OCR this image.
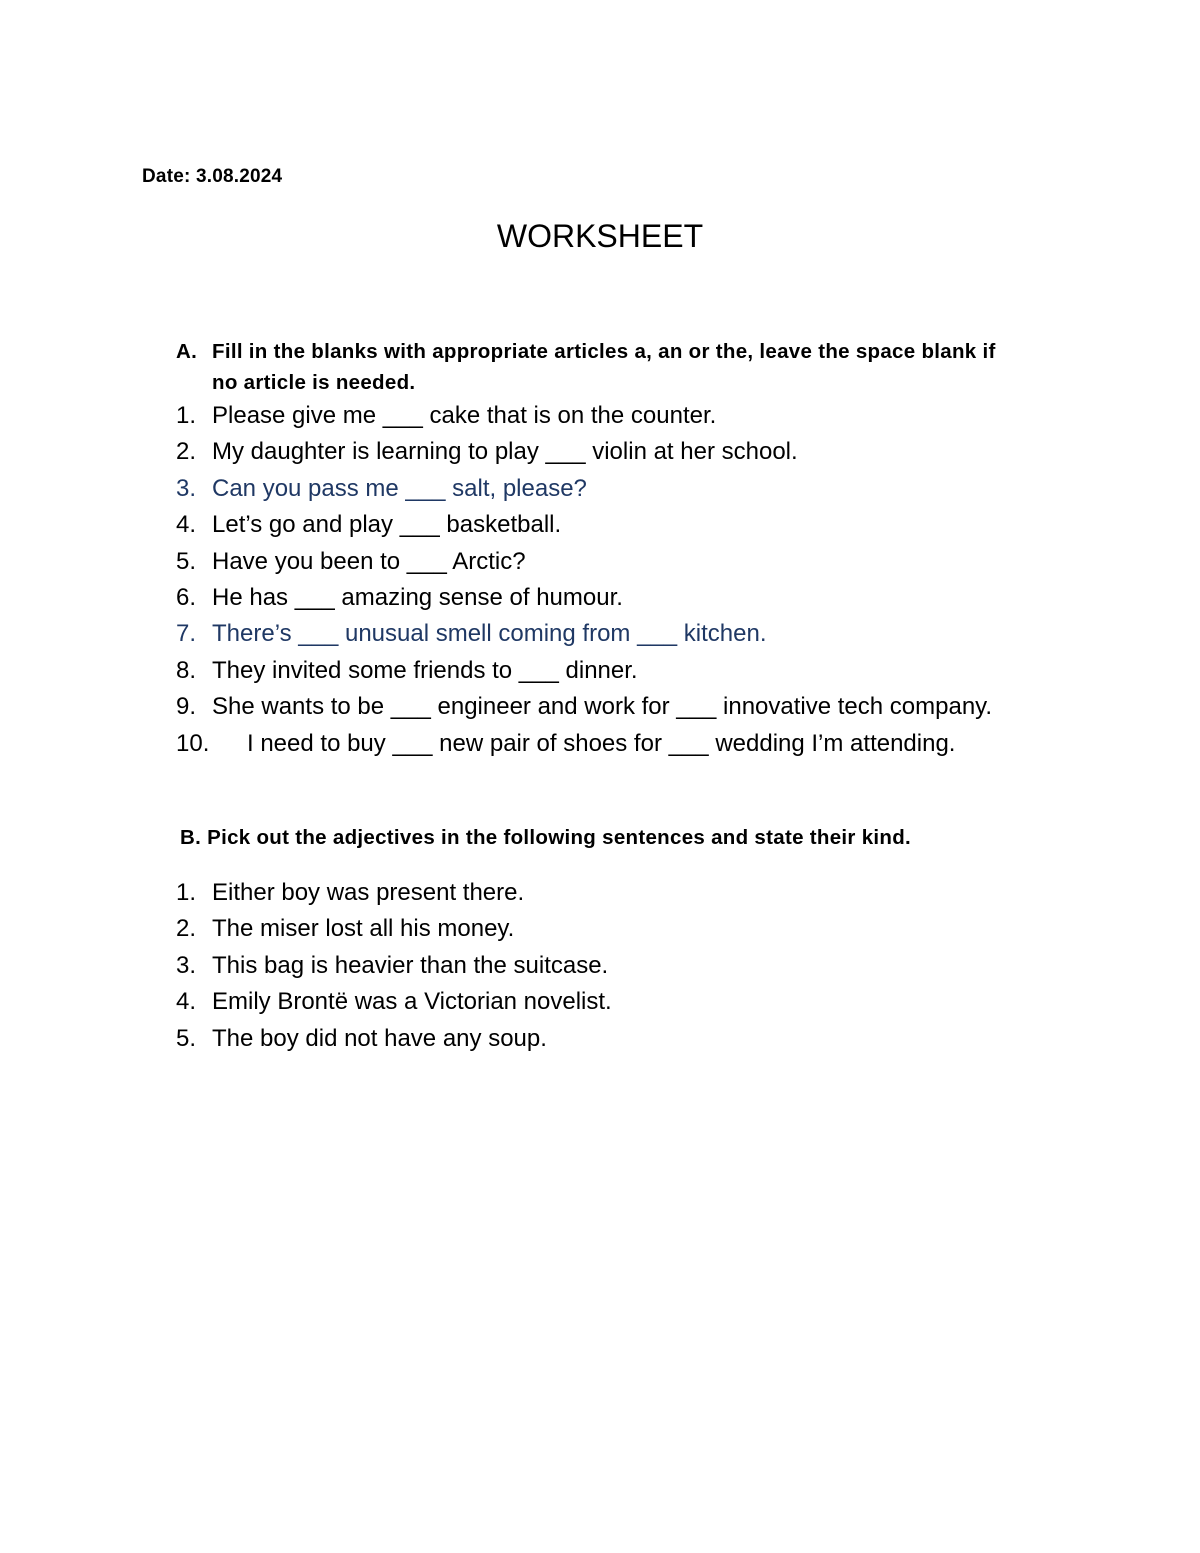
Date: 3.08.2024
WORKSHEET
A. Fill in the blanks with appropriate articles a, an or the, leave the space blank if no article is needed.
1. Please give me ___ cake that is on the counter.
2. My daughter is learning to play ___ violin at her school.
3. Can you pass me ___ salt, please?
4. Let’s go and play ___ basketball.
5. Have you been to ___ Arctic?
6. He has ___ amazing sense of humour.
7. There’s ___ unusual smell coming from ___ kitchen.
8. They invited some friends to ___ dinner.
9. She wants to be ___ engineer and work for ___ innovative tech company.
10. I need to buy ___ new pair of shoes for ___ wedding I’m attending.
B. Pick out the adjectives in the following sentences and state their kind.
1. Either boy was present there.
2. The miser lost all his money.
3. This bag is heavier than the suitcase.
4. Emily Brontë was a Victorian novelist.
5. The boy did not have any soup.
